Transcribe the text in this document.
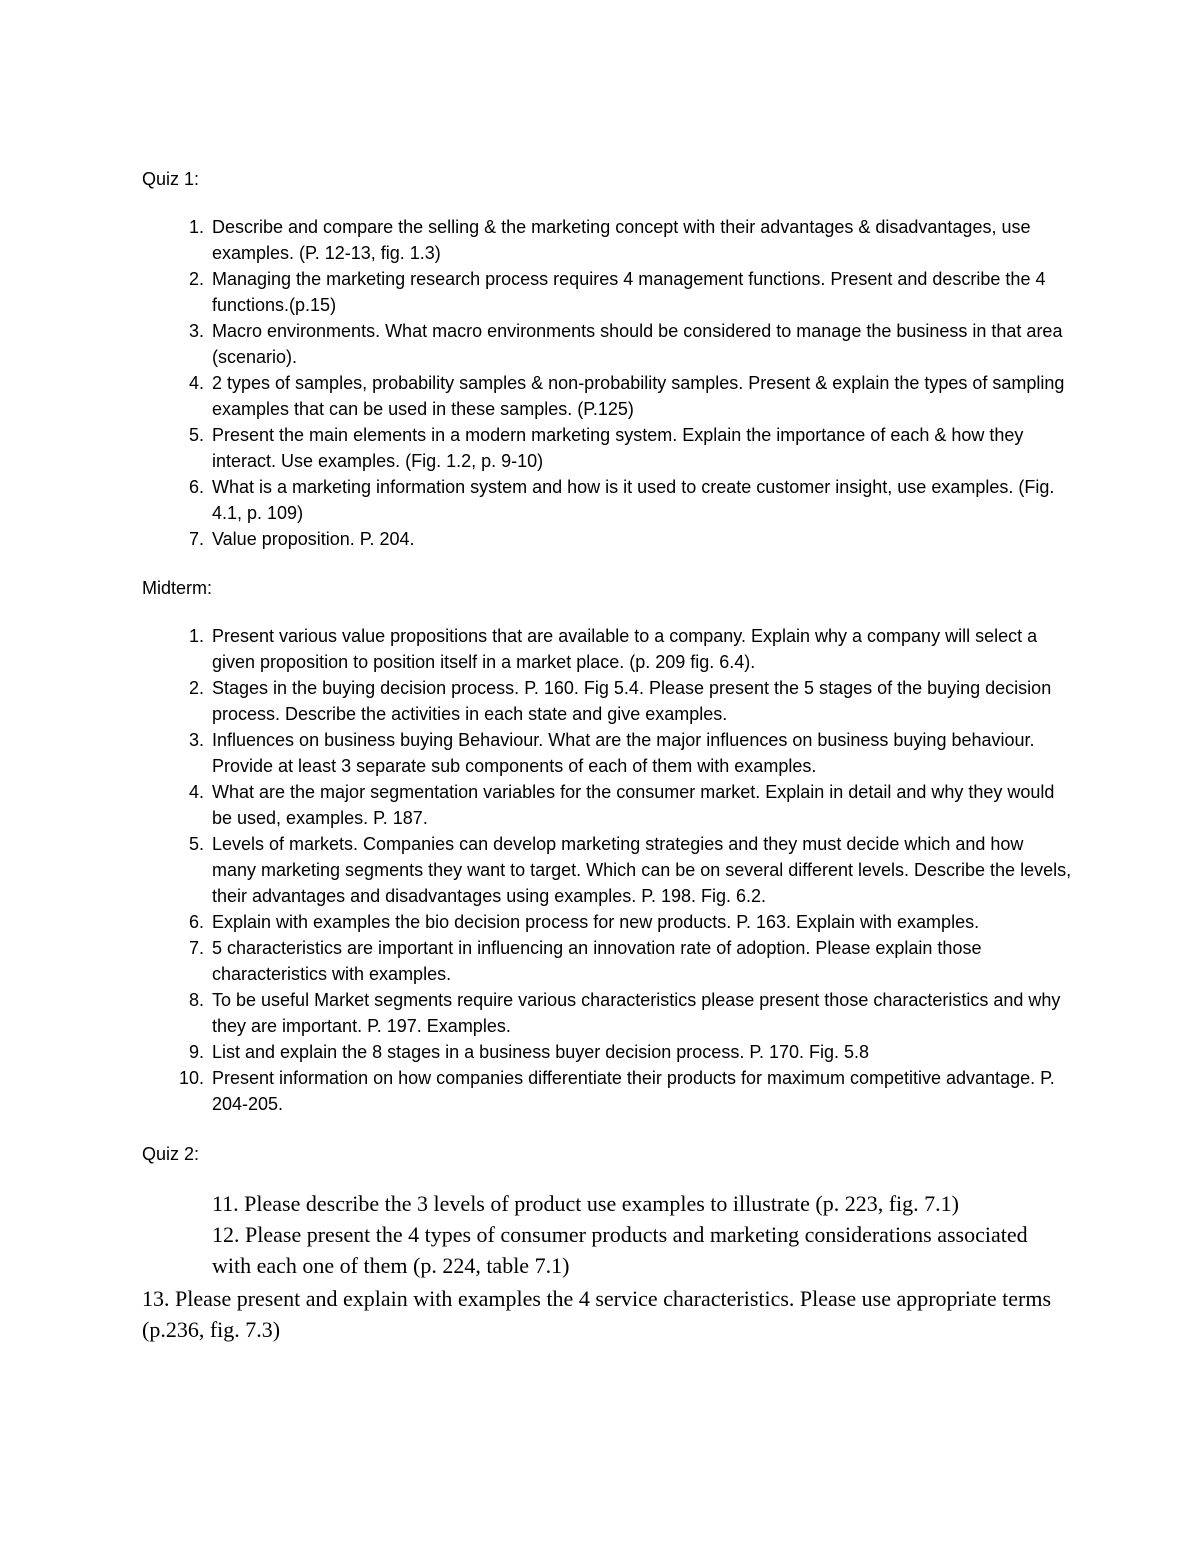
Quiz 1:

1. Describe and compare the selling & the marketing concept with their advantages & disadvantages, use examples. (P. 12-13, fig. 1.3)
2. Managing the marketing research process requires 4 management functions. Present and describe the 4 functions.(p.15)
3. Macro environments. What macro environments should be considered to manage the business in that area (scenario).
4. 2 types of samples, probability samples & non-probability samples. Present & explain the types of sampling examples that can be used in these samples. (P.125)
5. Present the main elements in a modern marketing system. Explain the importance of each & how they interact. Use examples. (Fig. 1.2, p. 9-10)
6. What is a marketing information system and how is it used to create customer insight, use examples. (Fig. 4.1, p. 109)
7. Value proposition. P. 204.

Midterm:

1. Present various value propositions that are available to a company. Explain why a company will select a given proposition to position itself in a market place. (p. 209 fig. 6.4).
2. Stages in the buying decision process. P. 160. Fig 5.4. Please present the 5 stages of the buying decision process. Describe the activities in each state and give examples.
3. Influences on business buying Behaviour. What are the major influences on business buying behaviour. Provide at least 3 separate sub components of each of them with examples.
4. What are the major segmentation variables for the consumer market. Explain in detail and why they would be used, examples. P. 187.
5. Levels of markets. Companies can develop marketing strategies and they must decide which and how many marketing segments they want to target. Which can be on several different levels. Describe the levels, their advantages and disadvantages using examples. P. 198. Fig. 6.2.
6. Explain with examples the bio decision process for new products. P. 163. Explain with examples.
7. 5 characteristics are important in influencing an innovation rate of adoption. Please explain those characteristics with examples.
8. To be useful Market segments require various characteristics please present those characteristics and why they are important. P. 197. Examples.
9. List and explain the 8 stages in a business buyer decision process. P. 170. Fig. 5.8
10. Present information on how companies differentiate their products for maximum competitive advantage. P. 204-205.

Quiz 2:

11. Please describe the 3 levels of product use examples to illustrate (p. 223, fig. 7.1)

12. Please present the 4 types of consumer products and marketing considerations associated with each one of them (p. 224, table 7.1)

13. Please present and explain with examples the 4 service characteristics. Please use appropriate terms (p.236, fig. 7.3)
